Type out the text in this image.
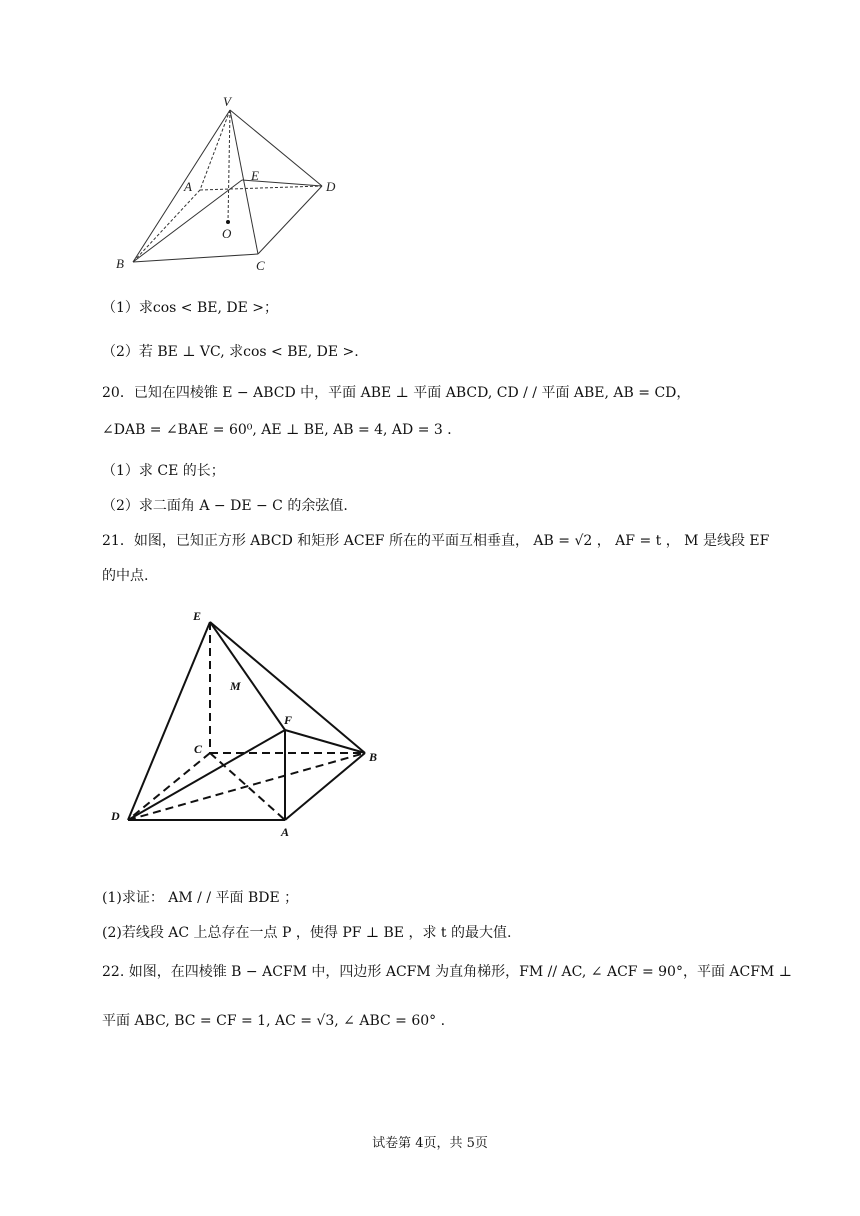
V
A
E
D
O
B	C
（1）求cos < BE, DE >；
（2）若 BE ⊥ VC, 求cos < BE, DE >.
20．已知在四棱锥 E − ABCD 中，平面 ABE ⊥ 平面 ABCD, CD / / 平面 ABE, AB = CD，
∠DAB = ∠BAE = 60⁰, AE ⊥ BE, AB = 4, AD = 3 ．
（1）求 CE 的长；
（2）求二面角 A − DE − C 的余弦值.
21．如图，已知正方形 ABCD 和矩形 ACEF 所在的平面互相垂直， AB = √2 ， AF = t ， M 是线段 EF
的中点.
E
M
F
C
B
D
A
(1)求证： AM / / 平面 BDE ；
(2)若线段 AC 上总存在一点 P ，使得 PF ⊥ BE ，求 t 的最大值.
22. 如图，在四棱锥 B − ACFM 中，四边形 ACFM 为直角梯形，FM // AC, ∠ ACF = 90°，平面 ACFM ⊥
平面 ABC, BC = CF = 1, AC = √3, ∠ ABC = 60° .
试卷第 4页，共 5页
